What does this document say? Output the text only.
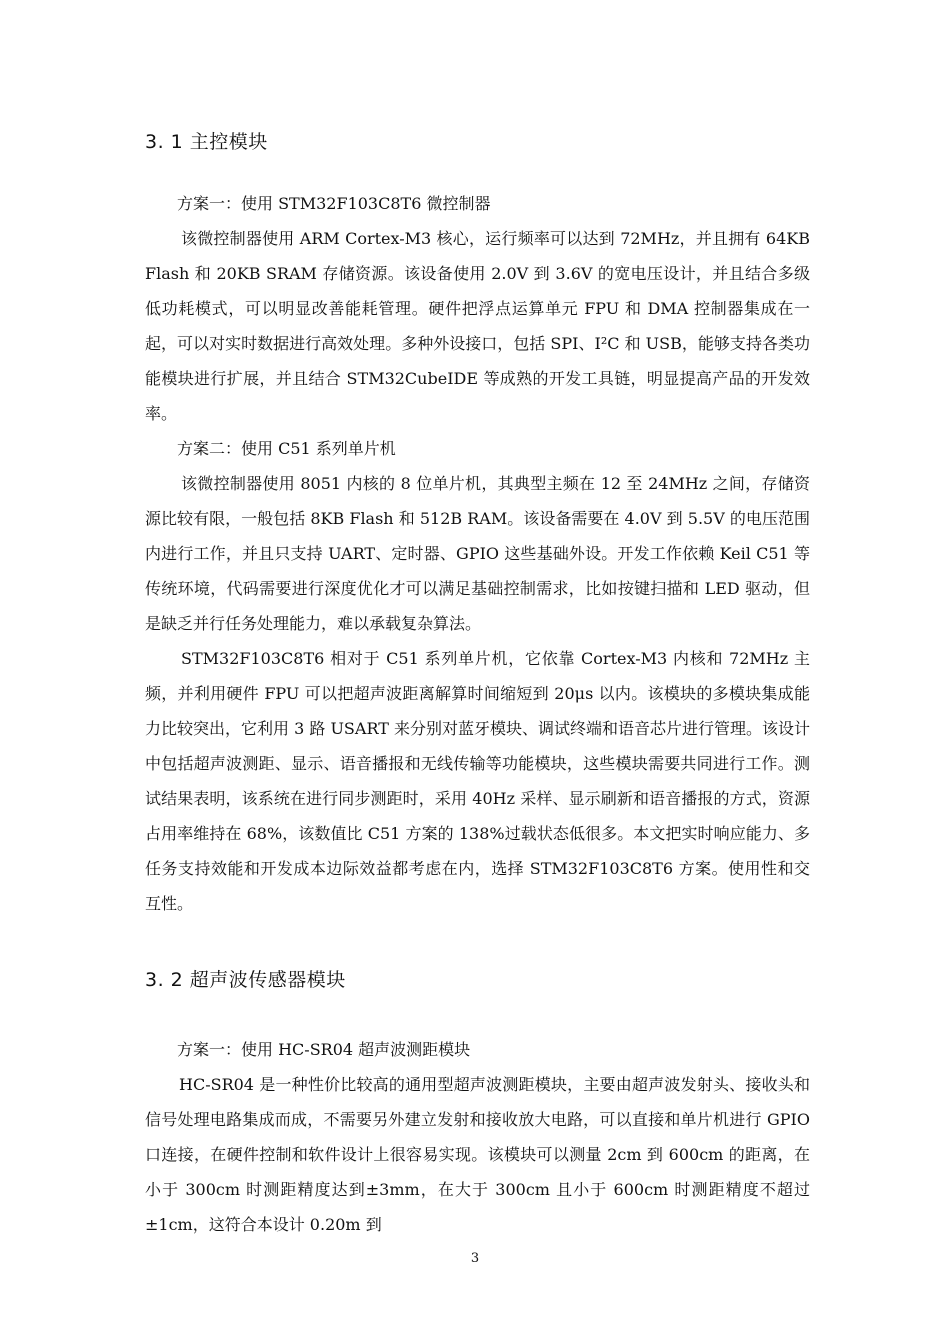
3. 1 主控模块

方案一：使用 STM32F103C8T6 微控制器

该微控制器使用 ARM Cortex-M3 核心，运行频率可以达到 72MHz，并且拥有 64KB Flash 和 20KB SRAM 存储资源。该设备使用 2.0V 到 3.6V 的宽电压设计，并且结合多级低功耗模式，可以明显改善能耗管理。硬件把浮点运算单元 FPU 和 DMA 控制器集成在一起，可以对实时数据进行高效处理。多种外设接口，包括 SPI、I²C 和 USB，能够支持各类功能模块进行扩展，并且结合 STM32CubeIDE 等成熟的开发工具链，明显提高产品的开发效率。

方案二：使用 C51 系列单片机

该微控制器使用 8051 内核的 8 位单片机，其典型主频在 12 至 24MHz 之间，存储资源比较有限，一般包括 8KB Flash 和 512B RAM。该设备需要在 4.0V 到 5.5V 的电压范围内进行工作，并且只支持 UART、定时器、GPIO 这些基础外设。开发工作依赖 Keil C51 等传统环境，代码需要进行深度优化才可以满足基础控制需求，比如按键扫描和 LED 驱动，但是缺乏并行任务处理能力，难以承载复杂算法。

STM32F103C8T6 相对于 C51 系列单片机，它依靠 Cortex-M3 内核和 72MHz 主频，并利用硬件 FPU 可以把超声波距离解算时间缩短到 20μs 以内。该模块的多模块集成能力比较突出，它利用 3 路 USART 来分别对蓝牙模块、调试终端和语音芯片进行管理。该设计中包括超声波测距、显示、语音播报和无线传输等功能模块，这些模块需要共同进行工作。测试结果表明，该系统在进行同步测距时，采用 40Hz 采样、显示刷新和语音播报的方式，资源占用率维持在 68%，该数值比 C51 方案的 138%过载状态低很多。本文把实时响应能力、多任务支持效能和开发成本边际效益都考虑在内，选择 STM32F103C8T6 方案。使用性和交互性。

3. 2 超声波传感器模块

方案一：使用 HC-SR04 超声波测距模块

HC-SR04 是一种性价比较高的通用型超声波测距模块，主要由超声波发射头、接收头和信号处理电路集成而成，不需要另外建立发射和接收放大电路，可以直接和单片机进行 GPIO 口连接，在硬件控制和软件设计上很容易实现。该模块可以测量 2cm 到 600cm 的距离，在小于 300cm 时测距精度达到±3mm，在大于 300cm 且小于 600cm 时测距精度不超过±1cm，这符合本设计 0.20m 到

3
